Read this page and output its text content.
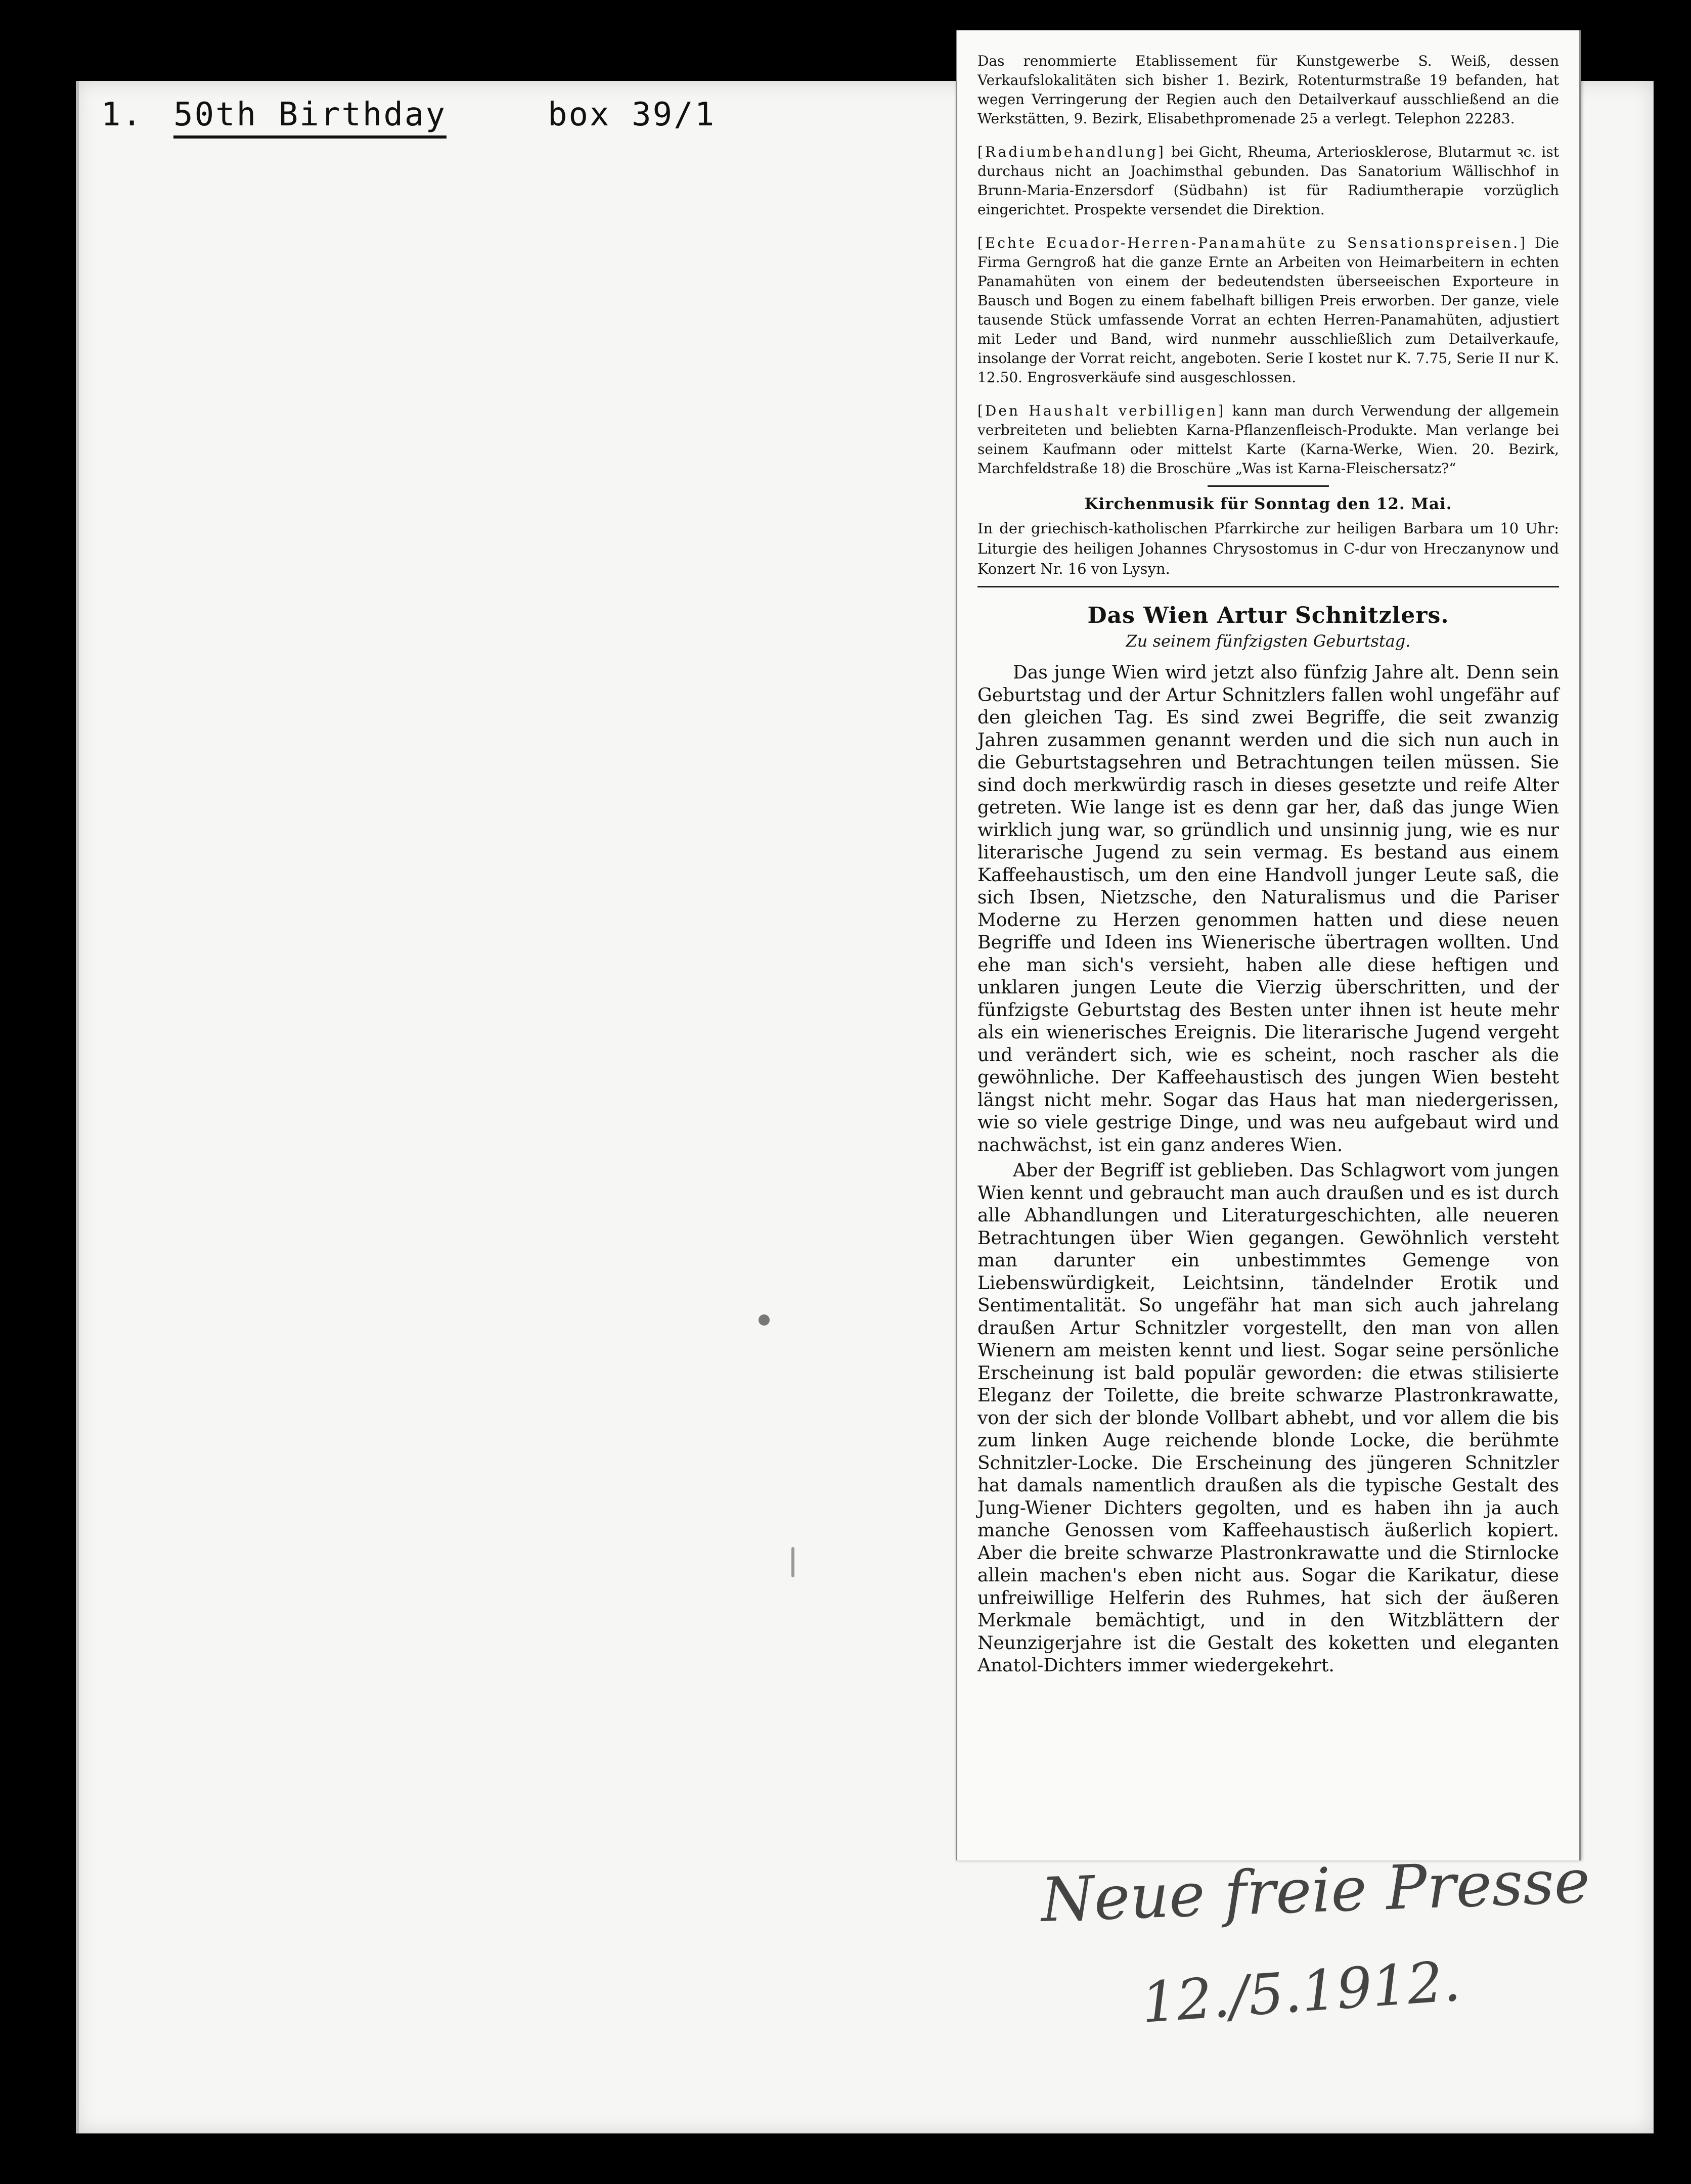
1. 50th Birthday	box 39/1

Das renommierte Etablissement für Kunstgewerbe S. Weiß, dessen Verkaufslokalitäten sich bisher 1. Bezirk, Rotenturmstraße 19 befanden, hat wegen Verringerung der Regien auch den Detailverkauf ausschließend an die Werkstätten, 9. Bezirk, Elisabethpromenade 25 a verlegt. Telephon 22283.

[Radiumbehandlung] bei Gicht, Rheuma, Arteriosklerose, Blutarmut ꝛc. ist durchaus nicht an Joachimsthal gebunden. Das Sanatorium Wällischhof in Brunn-Maria-Enzersdorf (Südbahn) ist für Radiumtherapie vorzüglich eingerichtet. Prospekte versendet die Direktion.

[Echte Ecuador-Herren-Panamahüte zu Sensationspreisen.] Die Firma Gerngroß hat die ganze Ernte an Arbeiten von Heimarbeitern in echten Panamahüten von einem der bedeutendsten überseeischen Exporteure in Bausch und Bogen zu einem fabelhaft billigen Preis erworben. Der ganze, viele tausende Stück umfassende Vorrat an echten Herren-Panamahüten, adjustiert mit Leder und Band, wird nunmehr ausschließlich zum Detailverkaufe, insolange der Vorrat reicht, angeboten. Serie I kostet nur K. 7.75, Serie II nur K. 12.50. Engrosverkäufe sind ausgeschlossen.

[Den Haushalt verbilligen] kann man durch Verwendung der allgemein verbreiteten und beliebten Karna-Pflanzenfleisch-Produkte. Man verlange bei seinem Kaufmann oder mittelst Karte (Karna-Werke, Wien. 20. Bezirk, Marchfeldstraße 18) die Broschüre „Was ist Karna-Fleischersatz?“

Kirchenmusik für Sonntag den 12. Mai.

In der griechisch-katholischen Pfarrkirche zur heiligen Barbara um 10 Uhr: Liturgie des heiligen Johannes Chrysostomus in C-dur von Hreczanynow und Konzert Nr. 16 von Lysyn.

Das Wien Artur Schnitzlers.
Zu seinem fünfzigsten Geburtstag.

Das junge Wien wird jetzt also fünfzig Jahre alt. Denn sein Geburtstag und der Artur Schnitzlers fallen wohl ungefähr auf den gleichen Tag. Es sind zwei Begriffe, die seit zwanzig Jahren zusammen genannt werden und die sich nun auch in die Geburtstagsehren und Betrachtungen teilen müssen. Sie sind doch merkwürdig rasch in dieses gesetzte und reife Alter getreten. Wie lange ist es denn gar her, daß das junge Wien wirklich jung war, so gründlich und unsinnig jung, wie es nur literarische Jugend zu sein vermag. Es bestand aus einem Kaffeehaustisch, um den eine Handvoll junger Leute saß, die sich Ibsen, Nietzsche, den Naturalismus und die Pariser Moderne zu Herzen genommen hatten und diese neuen Begriffe und Ideen ins Wienerische übertragen wollten. Und ehe man sich's versieht, haben alle diese heftigen und unklaren jungen Leute die Vierzig überschritten, und der fünfzigste Geburtstag des Besten unter ihnen ist heute mehr als ein wienerisches Ereignis. Die literarische Jugend vergeht und verändert sich, wie es scheint, noch rascher als die gewöhnliche. Der Kaffeehaustisch des jungen Wien besteht längst nicht mehr. Sogar das Haus hat man niedergerissen, wie so viele gestrige Dinge, und was neu aufgebaut wird und nachwächst, ist ein ganz anderes Wien.

Aber der Begriff ist geblieben. Das Schlagwort vom jungen Wien kennt und gebraucht man auch draußen und es ist durch alle Abhandlungen und Literaturgeschichten, alle neueren Betrachtungen über Wien gegangen. Gewöhnlich versteht man darunter ein unbestimmtes Gemenge von Liebenswürdigkeit, Leichtsinn, tändelnder Erotik und Sentimentalität. So ungefähr hat man sich auch jahrelang draußen Artur Schnitzler vorgestellt, den man von allen Wienern am meisten kennt und liest. Sogar seine persönliche Erscheinung ist bald populär geworden: die etwas stilisierte Eleganz der Toilette, die breite schwarze Plastronkrawatte, von der sich der blonde Vollbart abhebt, und vor allem die bis zum linken Auge reichende blonde Locke, die berühmte Schnitzler-Locke. Die Erscheinung des jüngeren Schnitzler hat damals namentlich draußen als die typische Gestalt des Jung-Wiener Dichters gegolten, und es haben ihn ja auch manche Genossen vom Kaffeehaustisch äußerlich kopiert. Aber die breite schwarze Plastronkrawatte und die Stirnlocke allein machen's eben nicht aus. Sogar die Karikatur, diese unfreiwillige Helferin des Ruhmes, hat sich der äußeren Merkmale bemächtigt, und in den Witzblättern der Neunzigerjahre ist die Gestalt des koketten und eleganten Anatol-Dichters immer wiedergekehrt.

Neue freie Presse
12./5.1912.
